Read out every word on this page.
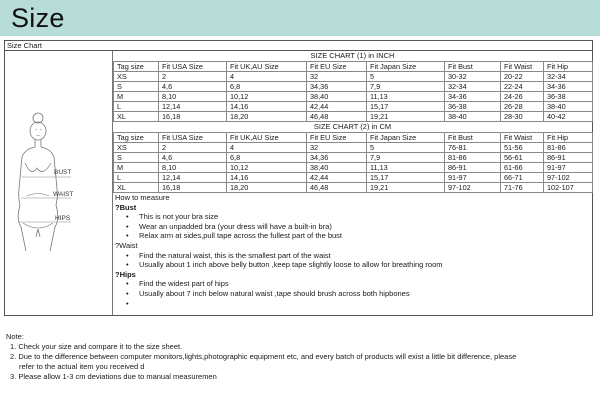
Size
Size Chart
BUST
WAIST
HIPS
SIZE CHART (1) in INCH
Tag size	Fit USA Size	Fit UK,AU Size	Fit EU Size	Fit Japan Size	Fit Bust	Fit Waist	Fit Hip
XS	2	4	32	5	30-32	20-22	32-34
S	4,6	6,8	34,36	7,9	32-34	22-24	34-36
M	8,10	10,12	38,40	11,13	34-36	24-26	36-38
L	12,14	14,16	42,44	15,17	36-38	26-28	38-40
XL	16,18	18,20	46,48	19,21	38-40	28-30	40-42
SIZE CHART (2) in CM
Tag size	Fit USA Size	Fit UK,AU Size	Fit EU Size	Fit Japan Size	Fit Bust	Fit Waist	Fit Hip
XS	2	4	32	5	76-81	51-56	81-86
S	4,6	6,8	34,36	7,9	81-86	56-61	86-91
M	8,10	10,12	38,40	11,13	86-91	61-66	91-97
L	12,14	14,16	42,44	15,17	91-97	66-71	97-102
XL	16,18	18,20	46,48	19,21	97-102	71-76	102-107
How to measure
?Bust
• This is not your bra size
• Wear an unpadded bra (your dress will have a built-in bra)
• Relax arm at sides,pull tape across the fullest part of the bust
?Waist
• Find the natural waist, this is the smallest part of the waist
• Usually about 1 inch above belly button ,keep tape slightly loose to allow for breathing room
?Hips
• Find the widest part of hips
• Usually about 7 inch below natural waist ,tape should brush across both hipbones
Note:

1. Check your size and compare it to the size sheet.

2. Due to the difference between computer monitors,lights,photographic equipment etc, and every batch of products will exist a little bit difference, please

refer to the actual item you received d

3. Please allow 1-3 cm deviations due to manual measuremen
